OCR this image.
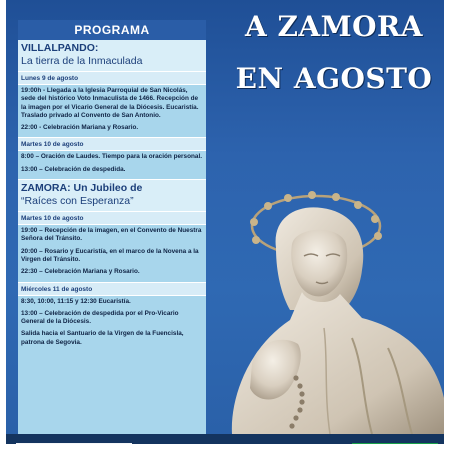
A ZAMORA
EN AGOSTO
PROGRAMA
VILLALPANDO:
La tierra de la Inmaculada
Lunes 9 de agosto

19:00h - Llegada a la Iglesia Parroquial de San Nicolás, sede del histórico Voto Inmaculista de 1466. Recepción de la imagen por el Vicario General de la Diócesis. Eucaristía. Traslado privado al Convento de San Antonio.

22:00 - Celebración Mariana y Rosario.

Martes 10 de agosto

8:00 – Oración de Laudes. Tiempo para la oración personal.

13:00 – Celebración de despedida.

ZAMORA: Un Jubileo de
“Raíces con Esperanza”
Martes 10 de agosto

19:00 – Recepción de la imagen, en el Convento de Nuestra Señora del Tránsito.

20:00 – Rosario y Eucaristía, en el marco de la Novena a la Virgen del Tránsito.

22:30 – Celebración Mariana y Rosario.

Miércoles 11 de agosto

8:30, 10:00, 11:15 y 12:30 Eucaristía.

13:00 – Celebración de despedida por el Pro-Vicario General de la Diócesis.

Salida hacia el Santuario de la Virgen de la Fuencisla, patrona de Segovia.
